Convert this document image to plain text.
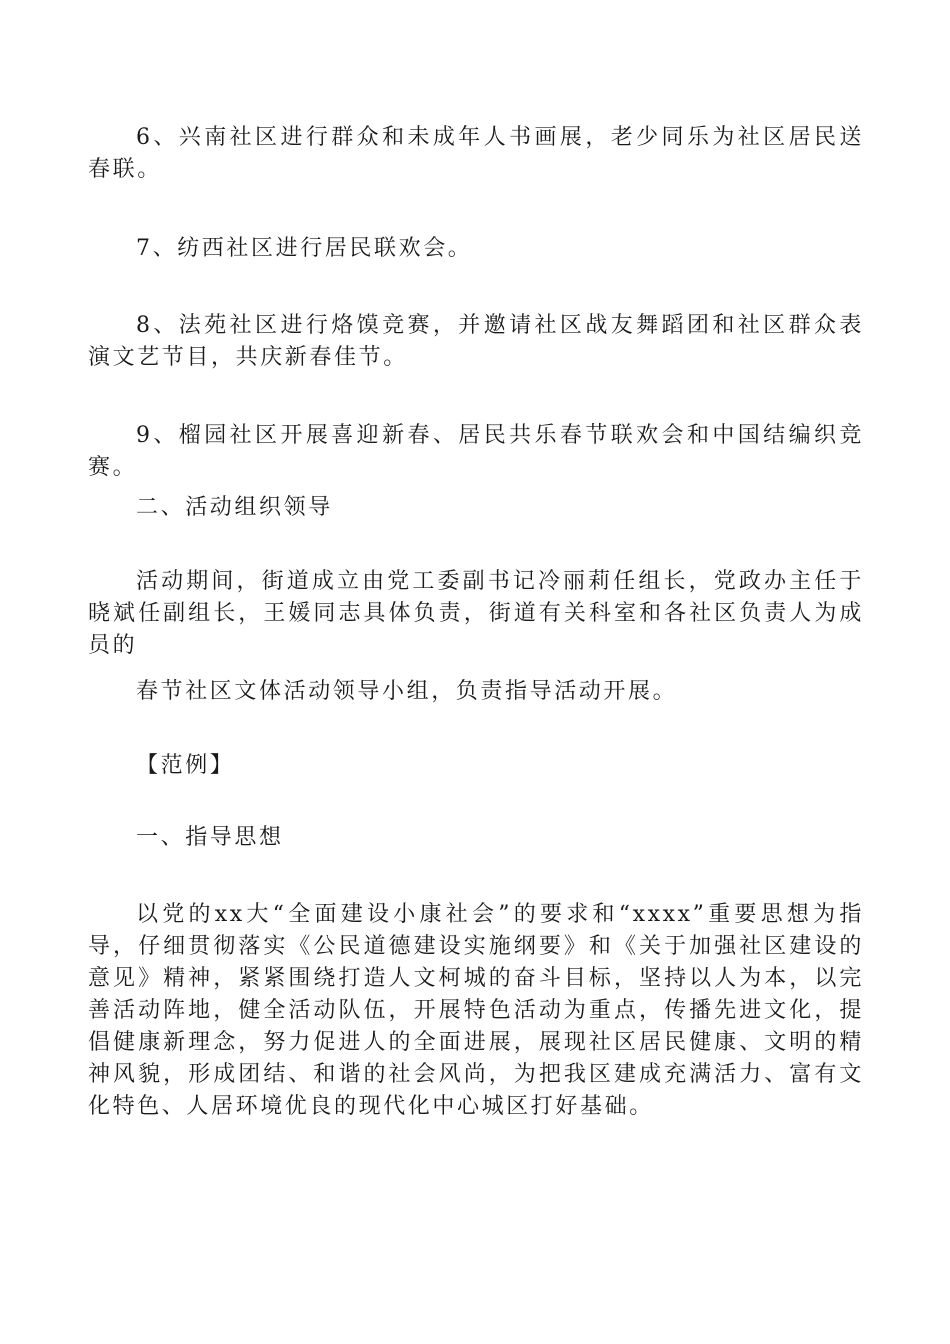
6、兴南社区进行群众和未成年人书画展，老少同乐为社区居民送春联。

7、纺西社区进行居民联欢会。

8、法苑社区进行烙馍竞赛，并邀请社区战友舞蹈团和社区群众表演文艺节目，共庆新春佳节。

9、榴园社区开展喜迎新春、居民共乐春节联欢会和中国结编织竞赛。

二、活动组织领导

活动期间，街道成立由党工委副书记冷丽莉任组长，党政办主任于晓斌任副组长，王媛同志具体负责，街道有关科室和各社区负责人为成员的

春节社区文体活动领导小组，负责指导活动开展。

【范例】

一、指导思想

以党的xx大“全面建设小康社会”的要求和“xxxx”重要思想为指导，仔细贯彻落实《公民道德建设实施纲要》和《关于加强社区建设的意见》精神，紧紧围绕打造人文柯城的奋斗目标，坚持以人为本，以完善活动阵地，健全活动队伍，开展特色活动为重点，传播先进文化，提倡健康新理念，努力促进人的全面进展，展现社区居民健康、文明的精神风貌，形成团结、和谐的社会风尚，为把我区建成充满活力、富有文化特色、人居环境优良的现代化中心城区打好基础。
